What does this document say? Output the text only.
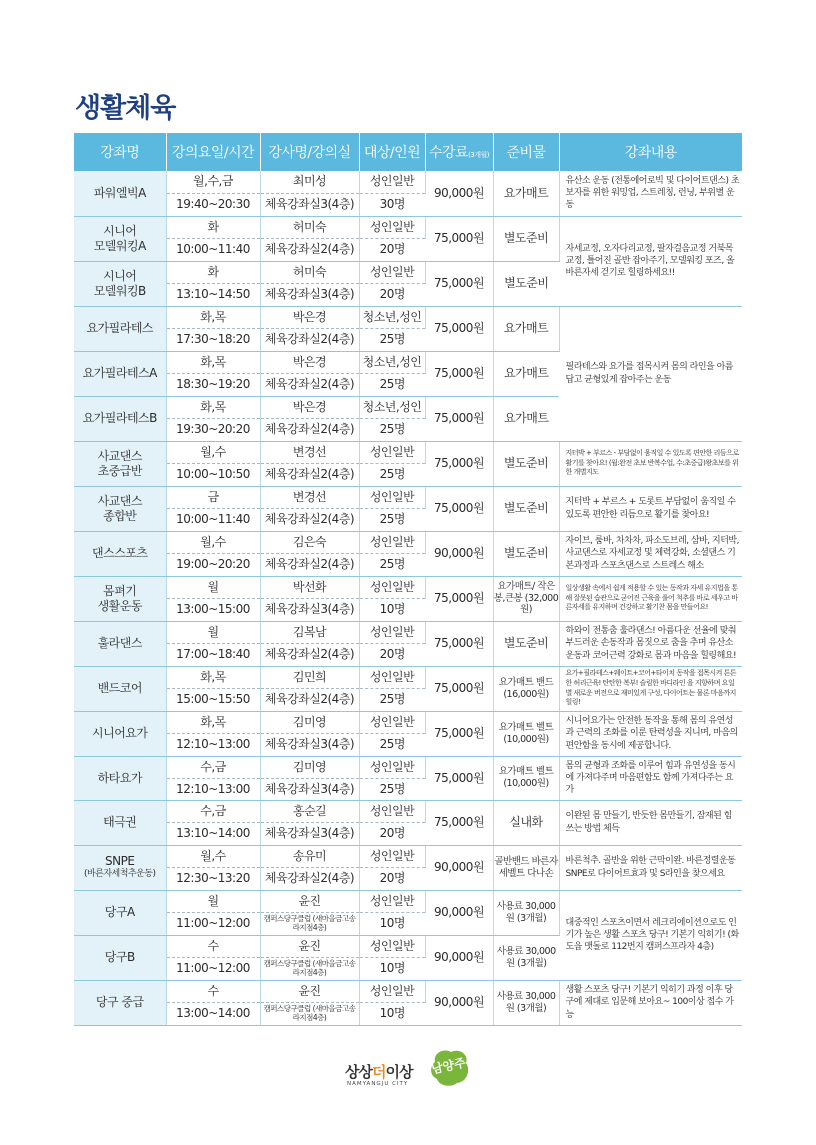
생활체육
강좌명	강의요일/시간	강사명/강의실	대상/인원	수강료(3개월)	준비물	강좌내용

파워엘빅A	월,수,금	최미성	성인일반	90,000원	요가매트	유산소 운동 (전통에어로빅 및 다이어트댄스) 초보자를 위한 워밍업, 스트레칭, 런닝, 부위별 운동
	19:40~20:30	체육강좌실3(4층)	30명			

시니어
모델워킹A	화	허미숙	성인일반	75,000원	별도준비	자세교정, 오자다리교정, 팔자걸음교정 거북목교정, 틀어진 골반 잡아주기, 모델워킹 포즈, 올바른자세 걷기로 힐링하세요!!
	10:00~11:40	체육강좌실2(4층)	20명			

시니어
모델워킹B	화	허미숙	성인일반	75,000원	별도준비	
	13:10~14:50	체육강좌실3(4층)	20명			

요가필라테스	화,목	박은경	청소년,성인	75,000원	요가매트	필라테스와 요가를 접목시켜 몸의 라인을 아름답고 균형있게 잡아주는 운동
	17:30~18:20	체육강좌실2(4층)	25명			

요가필라테스A	화,목	박은경	청소년,성인	75,000원	요가매트	
	18:30~19:20	체육강좌실2(4층)	25명			

요가필라테스B	화,목	박은경	청소년,성인	75,000원	요가매트	
	19:30~20:20	체육강좌실2(4층)	25명			

사교댄스
초중급반	월,수	변경선	성인일반	75,000원	별도준비	지터박 + 부르스 - 부담없이 움직일 수 있도록 편안한 리듬으로 활기를 찾아요! (월:완전 초보 반복수업, 수:초중급)왕초보를 위한 개별지도
	10:00~10:50	체육강좌실2(4층)	25명			

사교댄스
종합반	금	변경선	성인일반	75,000원	별도준비	지터박 + 부르스 + 도롯트 부담없이 움직일 수 있도록 편안한 리듬으로 활기를 찾아요!
	10:00~11:40	체육강좌실2(4층)	25명			

댄스스포츠	월,수	김은숙	성인일반	90,000원	별도준비	자이브, 룸바, 차차차, 파소도브레, 삼바, 지터박, 사교댄스로 자세교정 및 체력강화, 소셜댄스 기본과정과 스포츠댄스로 스트레스 해소
	19:00~20:20	체육강좌실2(4층)	25명			

몸펴기
생활운동	월	박선화	성인일반	75,000원	요가매트/ 작은봉,큰봉 (32,000원)	일상생활 속에서 쉽게 적용할 수 있는 동작과 자세 유지법을 통해 잘못된 습관으로 굳어진 근육을 풀어 척추를 바로 세우고 바른자세를 유지하며 건강하고 활기찬 몸을 만들어요!
	13:00~15:00	체육강좌실3(4층)	10명			

훌라댄스	월	김복남	성인일반	75,000원	별도준비	하와이 전통춤 훌라댄스! 아름다운 선율에 맞춰 부드러운 손동작과 몸짓으로 춤을 추며 유산소 운동과 코어근력 강화로 몸과 마음을 힐링해요!
	17:00~18:40	체육강좌실2(4층)	20명			

밴드코어	화,목	김민희	성인일반	75,000원	요가매트 밴드 (16,000원)	요가+필라테스+웨이트+코어+타이치 동작을 접목시켜 튼튼한 허리근육! 탄탄한 복부! 슬림한 바디라인 을 지향하며 요일별 새로운 버전으로 재미있게 구성, 다이어트는 물론 마음까지 힐링!
	15:00~15:50	체육강좌실2(4층)	25명			

시니어요가	화,목	김미영	성인일반	75,000원	요가매트 벨트 (10,000원)	시니어요가는 안전한 동작을 통해 몸의 유연성과 근력의 조화를 이룬 탄력성을 지니며, 마음의 편안함을 동시에 제공합니다.
	12:10~13:00	체육강좌실3(4층)	25명			

하타요가	수,금	김미영	성인일반	75,000원	요가매트 벨트 (10,000원)	몸의 균형과 조화를 이루어 힘과 유연성을 동시에 가져다주며 마음편함도 함께 가져다주는 요가
	12:10~13:00	체육강좌실3(4층)	25명			

태극권	수,금	홍순길	성인일반	75,000원	실내화	이완된 몸 만들기, 반듯한 몸만들기, 잠재된 힘쓰는 방법 체득
	13:10~14:00	체육강좌실3(4층)	20명			

SNPE
(바른자세척추운동)	월,수	송유미	성인일반	90,000원	골반밴드 바른자세벨트 다나손	바른척추. 골반을 위한 근막이완. 바른정렬운동 SNPE로 다이어트효과 및 S라인을 찾으세요
	12:30~13:20	체육강좌실2(4층)	20명			

당구A	월	윤진	성인일반	90,000원	사용료 30,000원 (3개월)	대중적인 스포츠이면서 레크리에이션으로도 인기가 높은 생활 스포츠 당구! 기본기 익히기! (화도읍 맷돌로 112번지 캠퍼스프라자 4층)
	11:00~12:00	캠퍼스당구클럽 (새마을금고송라지점4층)	10명			

당구B	수	윤진	성인일반	90,000원	사용료 30,000원 (3개월)	
	11:00~12:00	캠퍼스당구클럽 (새마을금고송라지점4층)	10명			

당구 중급	수	윤진	성인일반	90,000원	사용료 30,000원 (3개월)	생활 스포츠 당구! 기본기 익히기 과정 이후 당구에 제대로 입문해 보아요~ 100이상 접수 가능
	13:00~14:00	캠퍼스당구클럽 (새마을금고송라지점4층)	10명			
상상더이상
NAMYANGJU CITY
남양주
